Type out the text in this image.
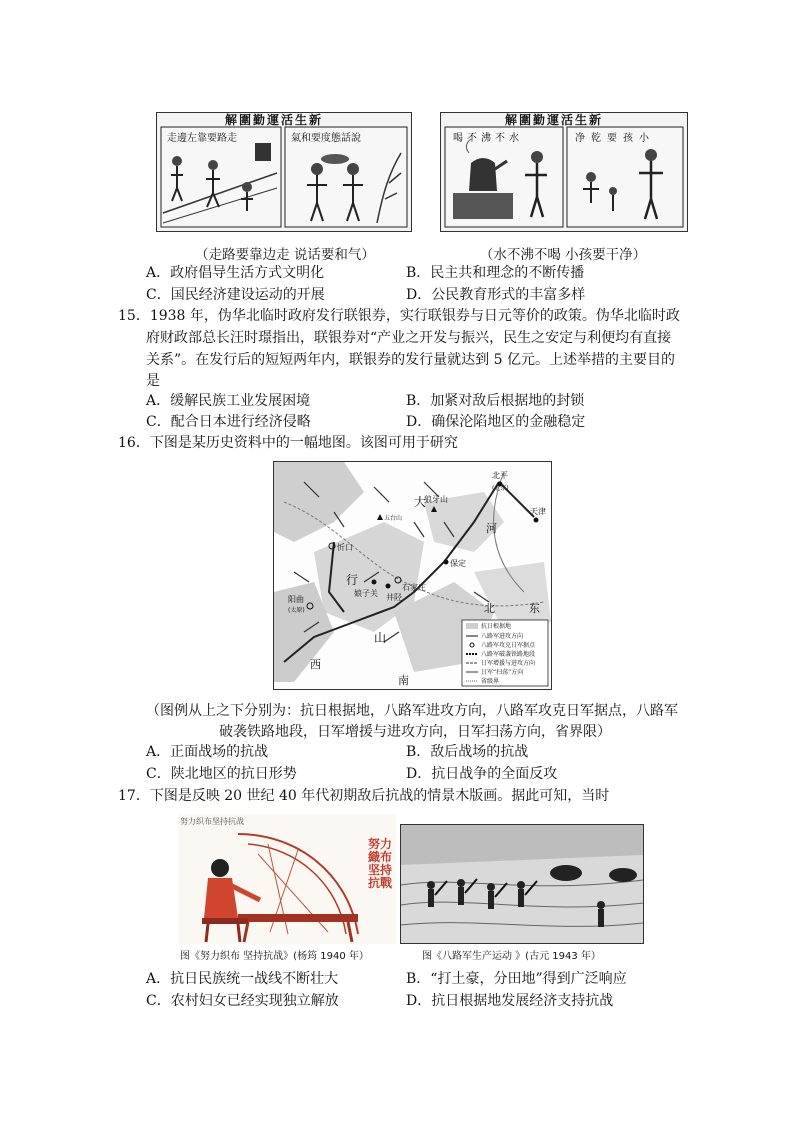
解圍勤運活生新
走邊左靠要路走	氣和要度態話說
解圍勤運活生新
喝不沸不水	净乾要孩小
（走路要靠边走 说话要和气）	（水不沸不喝 小孩要干净）
A．政府倡导生活方式文明化	B．民主共和理念的不断传播
C．国民经济建设运动的开展	D．公民教育形式的丰富多样
15．1938 年，伪华北临时政府发行联银券，实行联银券与日元等价的政策。伪华北临时政
府财政部总长汪时璟指出，联银券对“产业之开发与振兴，民生之安定与利便均有直接
关系”。在发行后的短短两年内，联银券的发行量就达到 5 亿元。上述举措的主要目的
是
A．缓解民族工业发展困境	B．加紧对敌后根据地的封锁
C．配合日本进行经济侵略	D．确保沦陷地区的金融稳定
16．下图是某历史资料中的一幅地图。该图可用于研究
北平
(北京)
天津
狼牙山
五台山
忻口
保定
石家庄
阳曲
(太原)
娘子关 井陉
大
行
山
河
北	东
西
南
抗日根据地
八路军进攻方向
八路军攻克日军据点
八路军破袭铁路地段
日军增援与进攻方向
日军“扫荡”方向
省级界
（图例从上之下分别为：抗日根据地，八路军进攻方向，八路军攻克日军据点，八路军
破袭铁路地段，日军增援与进攻方向，日军扫荡方向，省界限）
A．正面战场的抗战	B．敌后战场的抗战
C．陕北地区的抗日形势	D．抗日战争的全面反攻
17．下图是反映 20 世纪 40 年代初期敌后抗战的情景木版画。据此可知，当时
努力织布坚持抗战
努力織布 坚持抗戰
图《努力织布 坚持抗战》(杨筠 1940 年）	图《八路军生产运动 》(古元 1943 年）
A．抗日民族统一战线不断壮大	B．“打土豪，分田地”得到广泛响应
C．农村妇女已经实现独立解放	D．抗日根据地发展经济支持抗战
